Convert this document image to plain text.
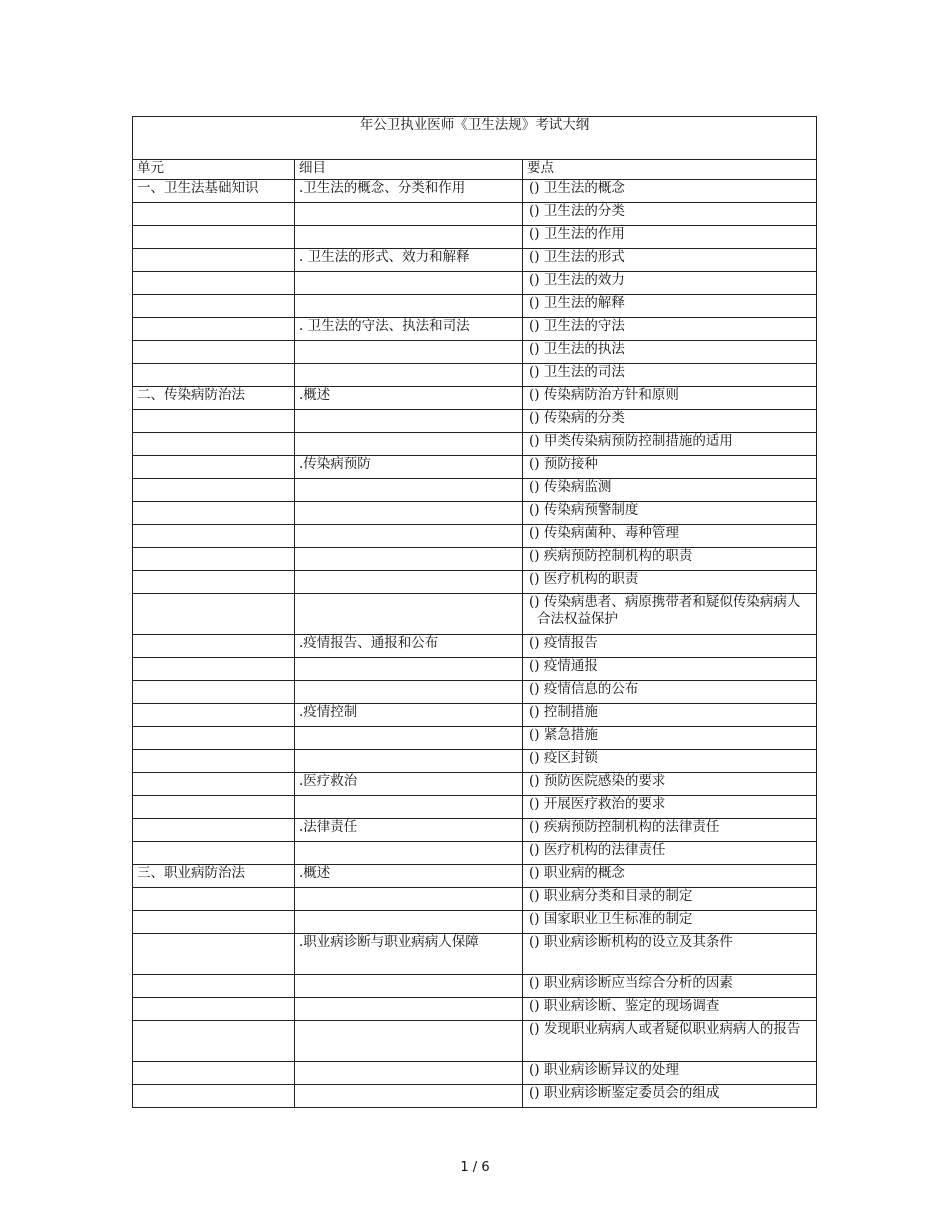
年公卫执业医师《卫生法规》考试大纲		
单元	细目	要点
一、卫生法基础知识	.卫生法的概念、分类和作用	() 卫生法的概念
		() 卫生法的分类
		() 卫生法的作用
	. 卫生法的形式、效力和解释	() 卫生法的形式
		() 卫生法的效力
		() 卫生法的解释
	. 卫生法的守法、执法和司法	() 卫生法的守法
		() 卫生法的执法
		() 卫生法的司法
二、传染病防治法	.概述	() 传染病防治方针和原则
		() 传染病的分类
		() 甲类传染病预防控制措施的适用
	.传染病预防	() 预防接种
		() 传染病监测
		() 传染病预警制度
		() 传染病菌种、毒种管理
		() 疾病预防控制机构的职责
		() 医疗机构的职责
		() 传染病患者、病原携带者和疑似传染病病人合法权益保护
	.疫情报告、通报和公布	() 疫情报告
		() 疫情通报
		() 疫情信息的公布
	.疫情控制	() 控制措施
		() 紧急措施
		() 疫区封锁
	.医疗救治	() 预防医院感染的要求
		() 开展医疗救治的要求
	.法律责任	() 疾病预防控制机构的法律责任
		() 医疗机构的法律责任
三、职业病防治法	.概述	() 职业病的概念
		() 职业病分类和目录的制定
		() 国家职业卫生标准的制定
	.职业病诊断与职业病病人保障	() 职业病诊断机构的设立及其条件
		() 职业病诊断应当综合分析的因素
		() 职业病诊断、鉴定的现场调查
		() 发现职业病病人或者疑似职业病病人的报告
		() 职业病诊断异议的处理
		() 职业病诊断鉴定委员会的组成
1 / 6
